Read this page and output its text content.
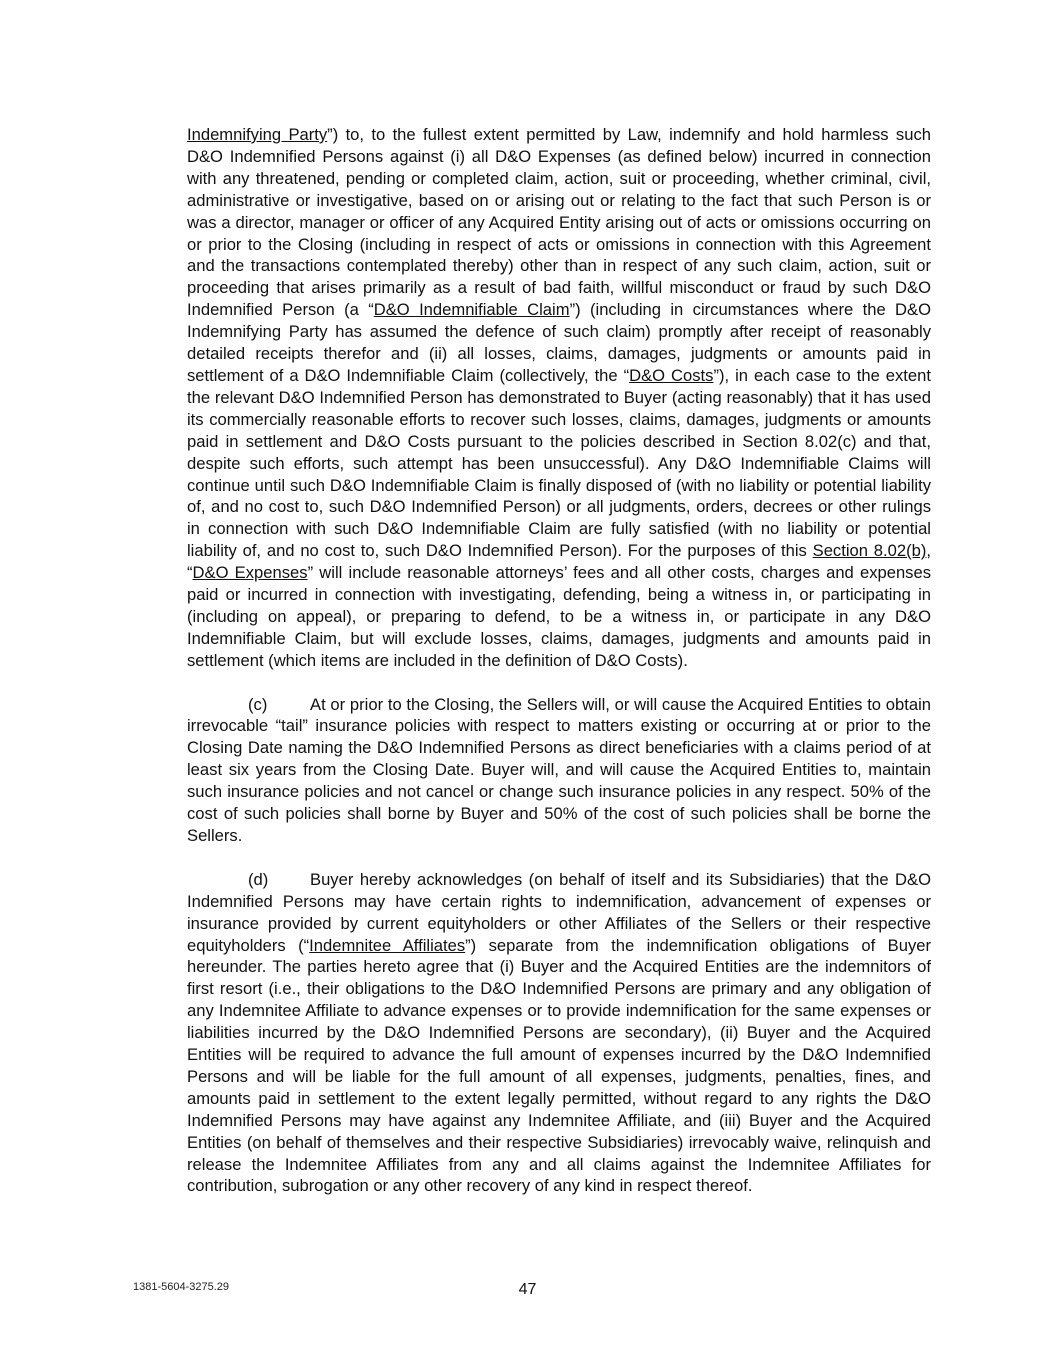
Indemnifying Party”) to, to the fullest extent permitted by Law, indemnify and hold harmless such D&O Indemnified Persons against (i) all D&O Expenses (as defined below) incurred in connection with any threatened, pending or completed claim, action, suit or proceeding, whether criminal, civil, administrative or investigative, based on or arising out or relating to the fact that such Person is or was a director, manager or officer of any Acquired Entity arising out of acts or omissions occurring on or prior to the Closing (including in respect of acts or omissions in connection with this Agreement and the transactions contemplated thereby) other than in respect of any such claim, action, suit or proceeding that arises primarily as a result of bad faith, willful misconduct or fraud by such D&O Indemnified Person (a “D&O Indemnifiable Claim”) (including in circumstances where the D&O Indemnifying Party has assumed the defence of such claim) promptly after receipt of reasonably detailed receipts therefor and (ii) all losses, claims, damages, judgments or amounts paid in settlement of a D&O Indemnifiable Claim (collectively, the “D&O Costs”), in each case to the extent the relevant D&O Indemnified Person has demonstrated to Buyer (acting reasonably) that it has used its commercially reasonable efforts to recover such losses, claims, damages, judgments or amounts paid in settlement and D&O Costs pursuant to the policies described in Section 8.02(c) and that, despite such efforts, such attempt has been unsuccessful). Any D&O Indemnifiable Claims will continue until such D&O Indemnifiable Claim is finally disposed of (with no liability or potential liability of, and no cost to, such D&O Indemnified Person) or all judgments, orders, decrees or other rulings in connection with such D&O Indemnifiable Claim are fully satisfied (with no liability or potential liability of, and no cost to, such D&O Indemnified Person). For the purposes of this Section 8.02(b), “D&O Expenses” will include reasonable attorneys’ fees and all other costs, charges and expenses paid or incurred in connection with investigating, defending, being a witness in, or participating in (including on appeal), or preparing to defend, to be a witness in, or participate in any D&O Indemnifiable Claim, but will exclude losses, claims, damages, judgments and amounts paid in settlement (which items are included in the definition of D&O Costs).

(c)	At or prior to the Closing, the Sellers will, or will cause the Acquired Entities to obtain irrevocable “tail” insurance policies with respect to matters existing or occurring at or prior to the Closing Date naming the D&O Indemnified Persons as direct beneficiaries with a claims period of at least six years from the Closing Date. Buyer will, and will cause the Acquired Entities to, maintain such insurance policies and not cancel or change such insurance policies in any respect. 50% of the cost of such policies shall borne by Buyer and 50% of the cost of such policies shall be borne the Sellers.

(d)	Buyer hereby acknowledges (on behalf of itself and its Subsidiaries) that the D&O Indemnified Persons may have certain rights to indemnification, advancement of expenses or insurance provided by current equityholders or other Affiliates of the Sellers or their respective equityholders (“Indemnitee Affiliates”) separate from the indemnification obligations of Buyer hereunder. The parties hereto agree that (i) Buyer and the Acquired Entities are the indemnitors of first resort (i.e., their obligations to the D&O Indemnified Persons are primary and any obligation of any Indemnitee Affiliate to advance expenses or to provide indemnification for the same expenses or liabilities incurred by the D&O Indemnified Persons are secondary), (ii) Buyer and the Acquired Entities will be required to advance the full amount of expenses incurred by the D&O Indemnified Persons and will be liable for the full amount of all expenses, judgments, penalties, fines, and amounts paid in settlement to the extent legally permitted, without regard to any rights the D&O Indemnified Persons may have against any Indemnitee Affiliate, and (iii) Buyer and the Acquired Entities (on behalf of themselves and their respective Subsidiaries) irrevocably waive, relinquish and release the Indemnitee Affiliates from any and all claims against the Indemnitee Affiliates for contribution, subrogation or any other recovery of any kind in respect thereof.

1381-5604-3275.29	47
